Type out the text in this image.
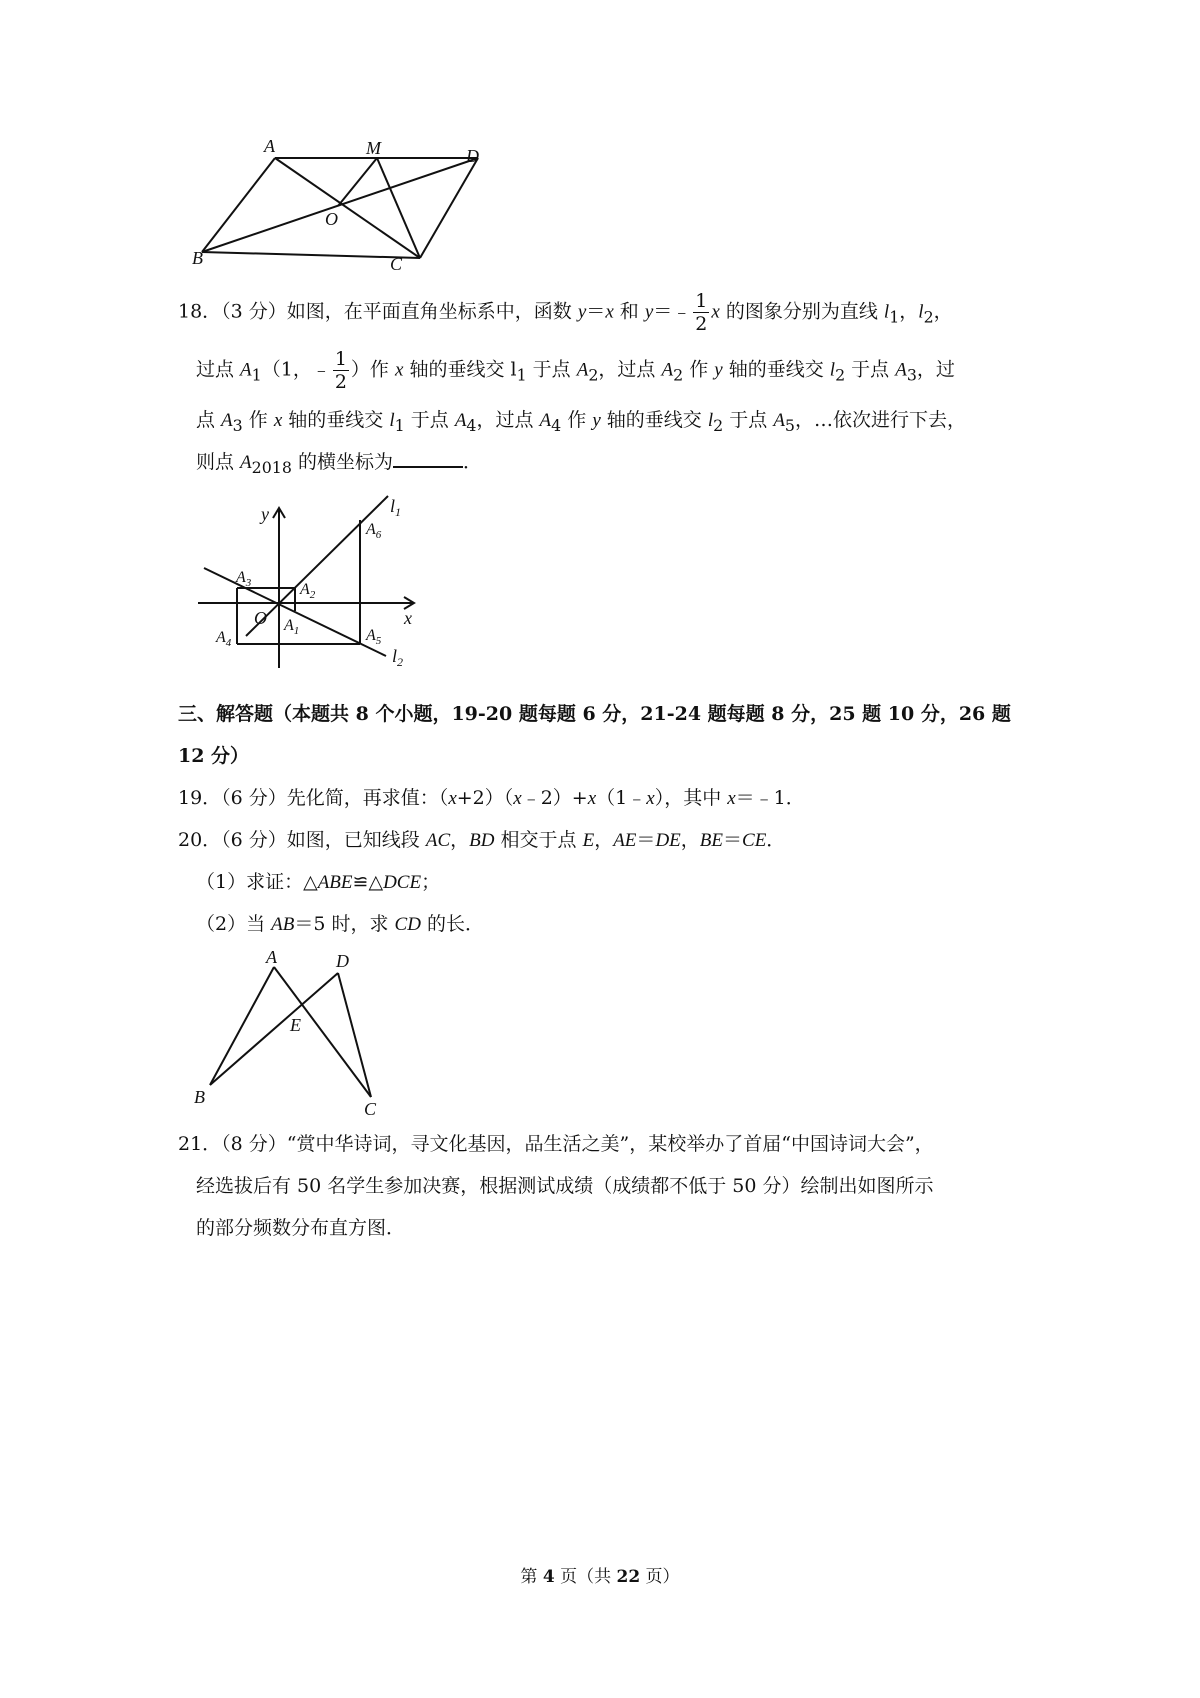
A	M	D
O
B	C
18．（3 分）如图，在平面直角坐标系中，函数 y＝x 和 y＝﹣ $\frac{1}{2}$ x 的图象分别为直线 $l_1$，$l_2$，
过点 $A_1(1$，﹣ $\frac{1}{2}$ ）作 x 轴的垂线交 $l_1$ 于点 $A_2$，过点 $A_2$ 作 y 轴的垂线交 $l_2$ 于点 $A_3$，过
点 $A_3$ 作 x 轴的垂线交 $l_1$ 于点 $A_4$，过点 $A_4$ 作 y 轴的垂线交 $l_2$ 于点 $A_5$，…依次进行下去，
则点 $A_{2018}$ 的横坐标为	．
y
x
O
$l_1$
$l_2$
$A_6$
$A_3$	$A_2$
$A_1$
$A_4$	$A_5$
三、解答题（本题共 8 个小题，19-20 题每题 6 分，21-24 题每题 8 分，25 题 10 分，26 题
12 分）
19．（6 分）先化简，再求值：（x+2）（x﹣2）+x（1﹣x），其中 x＝﹣1．
20．（6 分）如图，已知线段 AC，BD 相交于点 E，AE＝DE，BE＝CE．
（1）求证：△ABE≌△DCE；
（2）当 AB＝5 时，求 CD 的长．
A	D
E
B
C
21．（8 分）“赏中华诗词，寻文化基因，品生活之美”，某校举办了首届“中国诗词大会”，
经选拔后有 50 名学生参加决赛，根据测试成绩（成绩都不低于 50 分）绘制出如图所示
的部分频数分布直方图．
第 4 页（共 22 页）
